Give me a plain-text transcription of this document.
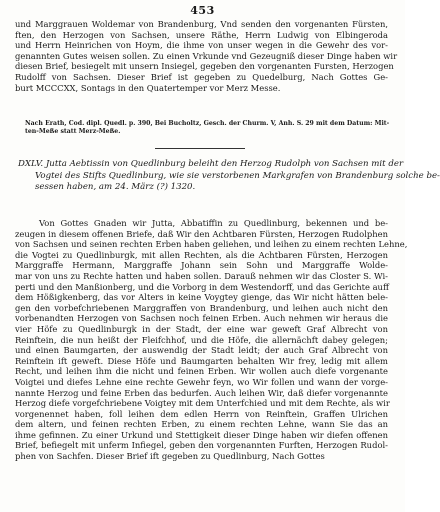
453
und Marggrauen Woldemar von Brandenburg, Vnd senden den vorgenanten Fürsten,
ften, den Herzogen von Sachsen, unsere Räthe, Herrn Ludwig von Elbingeroda
und Herrn Heinrichen von Hoym, die ihme von unser wegen in die Gewehr des vor-
genannten Gutes weisen sollen. Zu einen Vrkunde vnd Gezeugniß dieser Dinge haben wir
diesen Brief, besiegelt mit unsern Insiegel, gegeben den vorgenanten Fursten, Herzogen
Rudolff von Sachsen. Dieser Brief ist gegeben zu Quedelburg, Nach Gottes Ge-
burt MCCCXX, Sontags in den Quatertemper vor Merz Messe.
Nach Erath, Cod. dipl. Quedl. p. 390, Bei Bucholtz, Gesch. der Churm. V, Anh. S. 29 mit dem Datum: Mit-
ten-Meße statt Merz-Meße.
DXLV. Jutta Aebtissin von Quedlinburg beleiht den Herzog Rudolph von Sachsen mit der
Vogtei des Stifts Quedlinburg, wie sie verstorbenen Markgrafen von Brandenburg solche be-
sessen haben, am 24. März (?) 1320.
Von Gottes Gnaden wir Jutta, Abbatiffin zu Quedlinburg, bekennen und be-
zeugen in diesem offenen Briefe, daß Wir den Achtbaren Fürsten, Herzogen Rudolphen
von Sachsen und seinen rechten Erben haben geliehen, und leihen zu einem rechten Lehne,
die Vogtei zu Quedlinburgk, mit allen Rechten, als die Achtbaren Fürsten, Herzogen
Marggraffe Hermann, Marggraffe Johann sein Sohn und Marggraffe Wolde-
mar von uns zu Rechte hatten und haben sollen. Darauß nehmen wir das Closter S. Wi-
perti und den Manßionberg, und die Vorborg in dem Westendorff, und das Gerichte auff
dem Hößigkenberg, das vor Alters in keine Voygtey gienge, das Wir nicht hätten bele-
gen den vorbefchriebenen Marggraffen von Brandenburg, und leihen auch nicht den
vorbenandten Herzogen von Sachsen noch feinen Erben. Auch nehmen wir heraus die
vier Höfe zu Quedlinburgk in der Stadt, der eine war geweft Graf Albrecht von
Reinftein, die nun heißt der Fleifchhof, und die Höfe, die allernächft dabey gelegen;
und einen Baumgarten, der auswendig der Stadt leidt; der auch Graf Albrecht von
Reinftein ift geweft. Diese Höfe und Baumgarten behalten Wir frey, ledig mit allem
Recht, und leihen ihm die nicht und feinen Erben. Wir wollen auch diefe vorgenante
Voigtei und diefes Lehne eine rechte Gewehr feyn, wo Wir follen und wann der vorge-
nannte Herzog und feine Erben das bedurfen. Auch leihen Wir, daß diefer vorgenannte
Herzog diefe vorgefchriebene Voigtey mit dem Unterfchied und mit dem Rechte, als wir
vorgenennet haben, foll leihen dem edlen Herrn von Reinftein, Graffen Ulrichen
dem altern, und feinen rechten Erben, zu einem rechten Lehne, wann Sie das an
ihme gefinnen. Zu einer Urkund und Stettigkeit dieser Dinge haben wir diefen offenen
Brief, befiegelt mit unferm Infiegel, geben den vorgenannten Furften, Herzogen Rudol-
phen von Sachfen. Dieser Brief ift gegeben zu Quedlinburg, Nach Gottes
